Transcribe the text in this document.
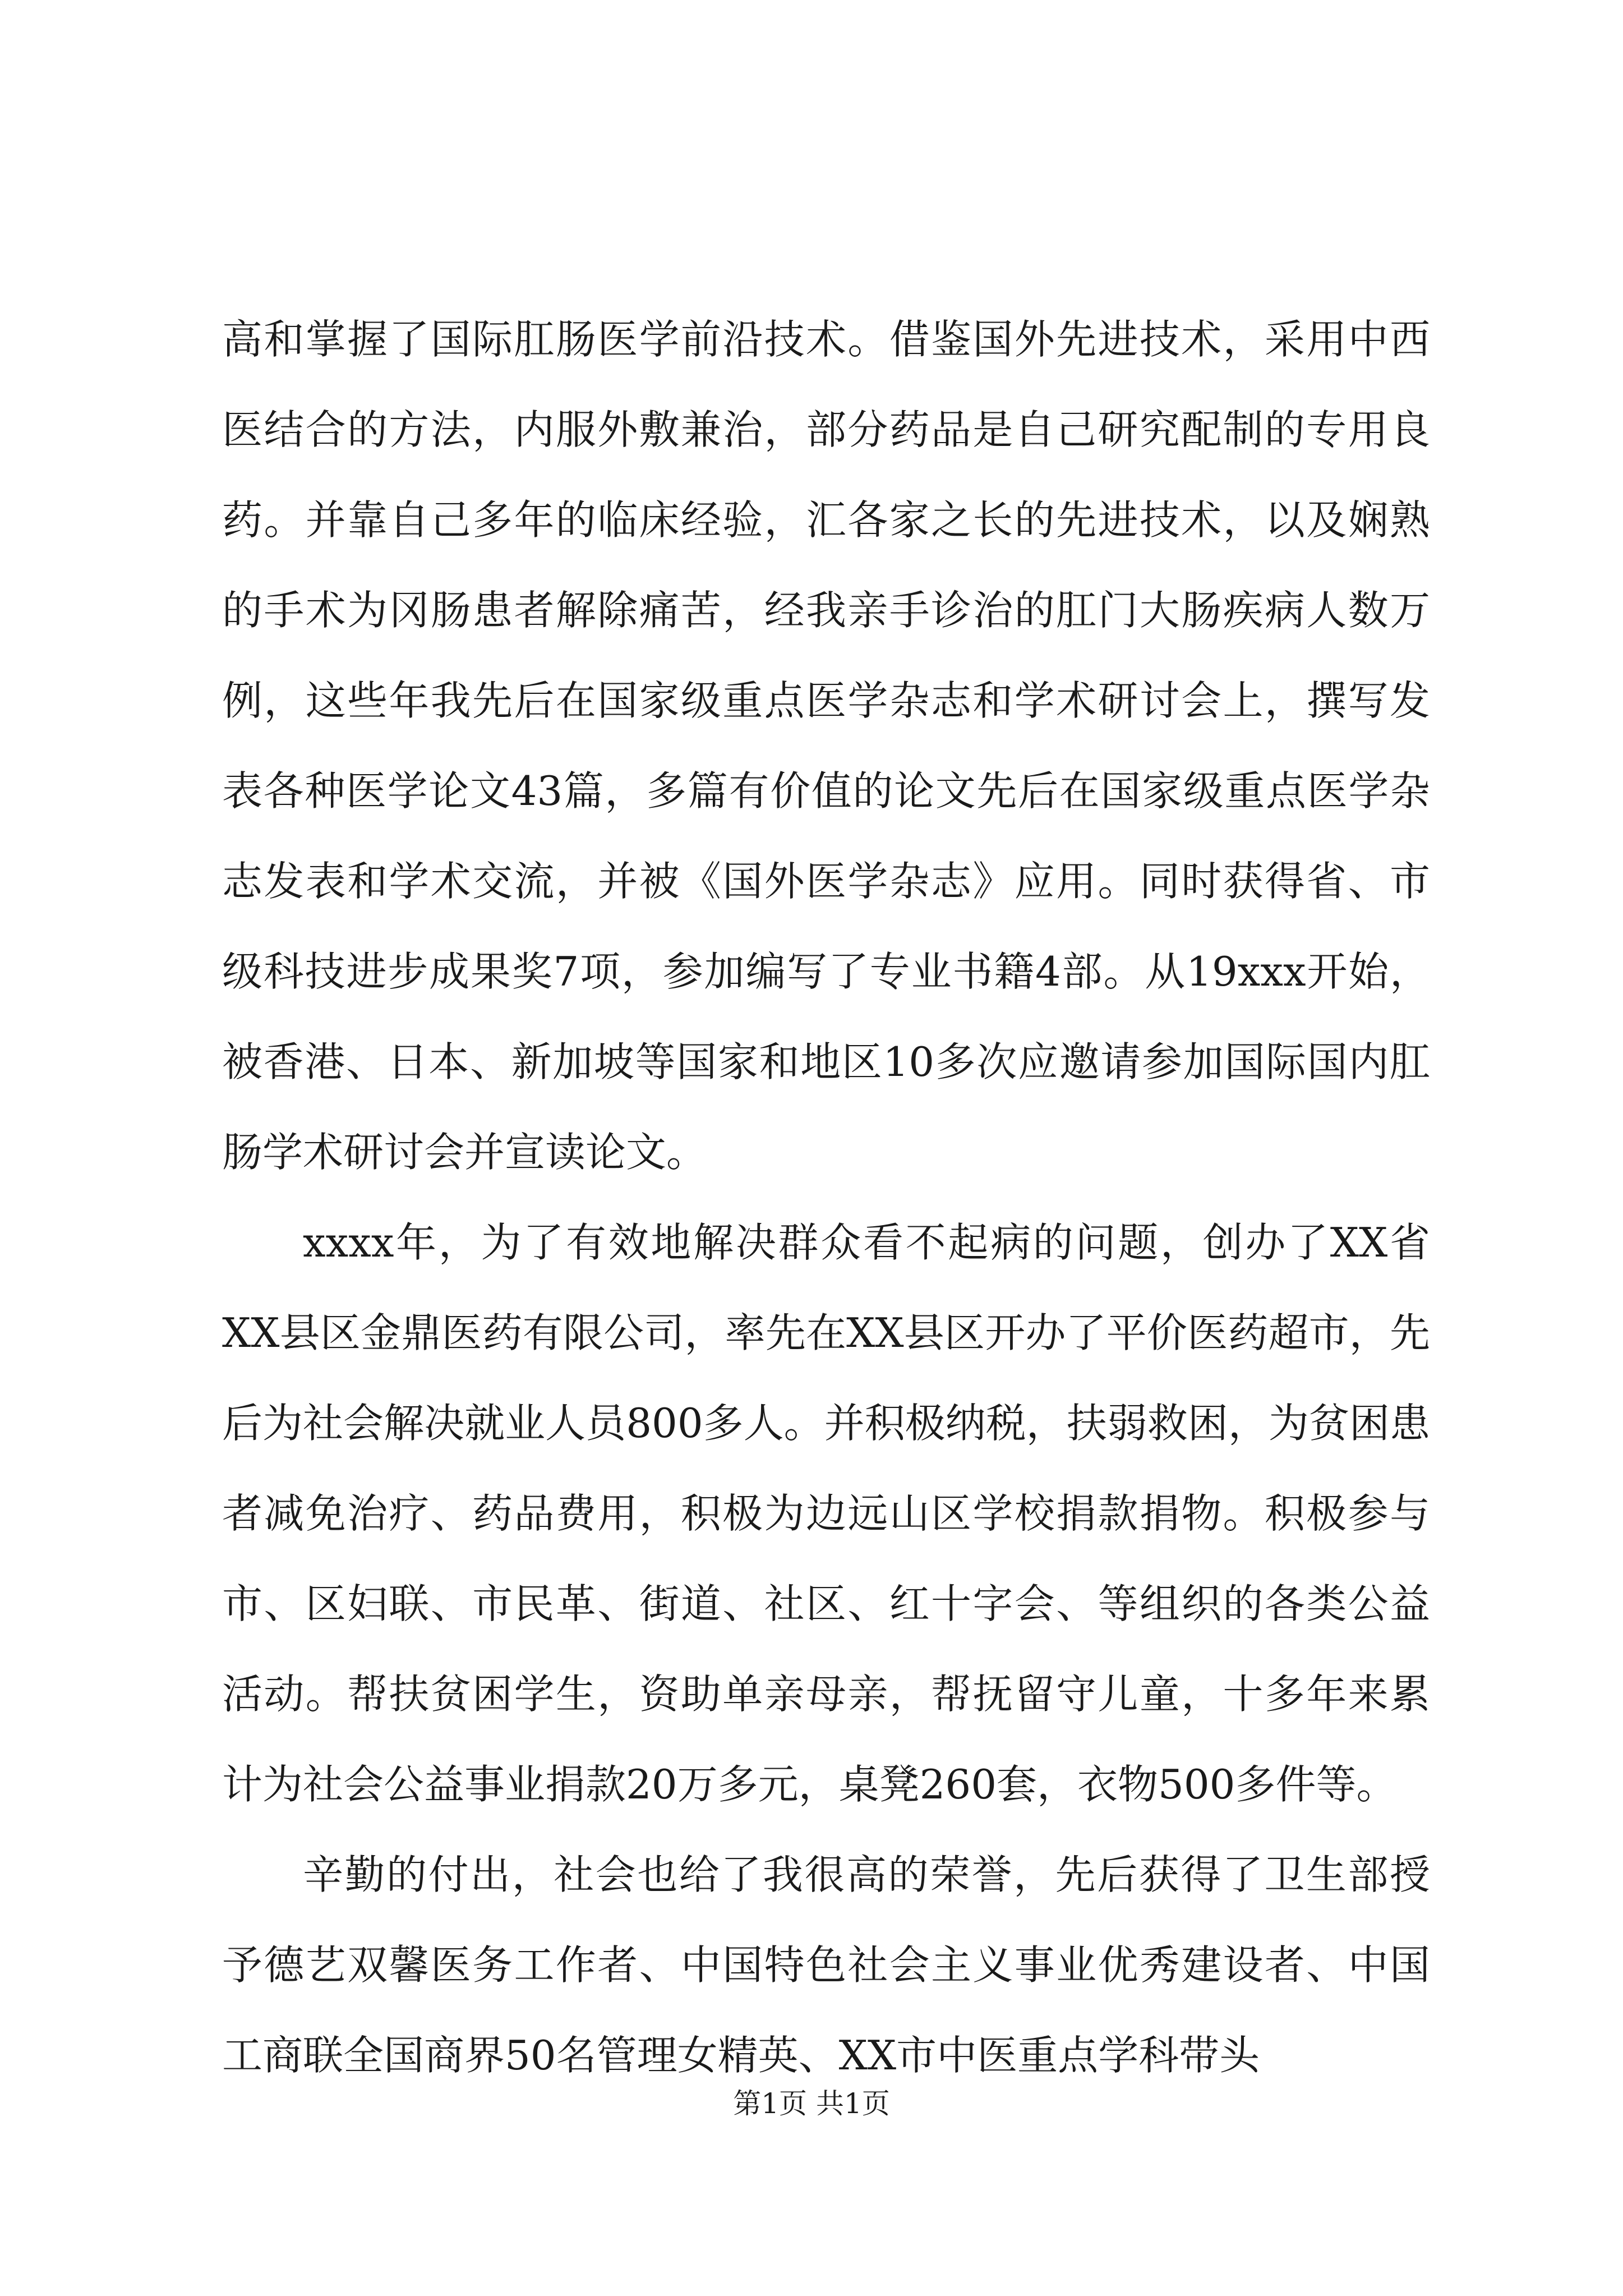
高和掌握了国际肛肠医学前沿技术。借鉴国外先进技术，采用中西医结合的方法，内服外敷兼治，部分药品是自己研究配制的专用良药。并靠自己多年的临床经验，汇各家之长的先进技术，以及娴熟的手术为冈肠患者解除痛苦，经我亲手诊治的肛门大肠疾病人数万例，这些年我先后在国家级重点医学杂志和学术研讨会上，撰写发表各种医学论文43篇，多篇有价值的论文先后在国家级重点医学杂志发表和学术交流，并被《国外医学杂志》应用。同时获得省、市级科技进步成果奖7项，参加编写了专业书籍4部。从19xxx开始，被香港、日本、新加坡等国家和地区10多次应邀请参加国际国内肛肠学术研讨会并宣读论文。

xxxx年，为了有效地解决群众看不起病的问题，创办了XX省XX县区金鼎医药有限公司，率先在XX县区开办了平价医药超市，先后为社会解决就业人员800多人。并积极纳税，扶弱救困，为贫困患者减免治疗、药品费用，积极为边远山区学校捐款捐物。积极参与市、区妇联、市民革、街道、社区、红十字会、等组织的各类公益活动。帮扶贫困学生，资助单亲母亲，帮抚留守儿童，十多年来累计为社会公益事业捐款20万多元，桌凳260套，衣物500多件等。

辛勤的付出，社会也给了我很高的荣誉，先后获得了卫生部授予德艺双馨医务工作者、中国特色社会主义事业优秀建设者、中国工商联全国商界50名管理女精英、XX市中医重点学科带头

第1页 共1页
